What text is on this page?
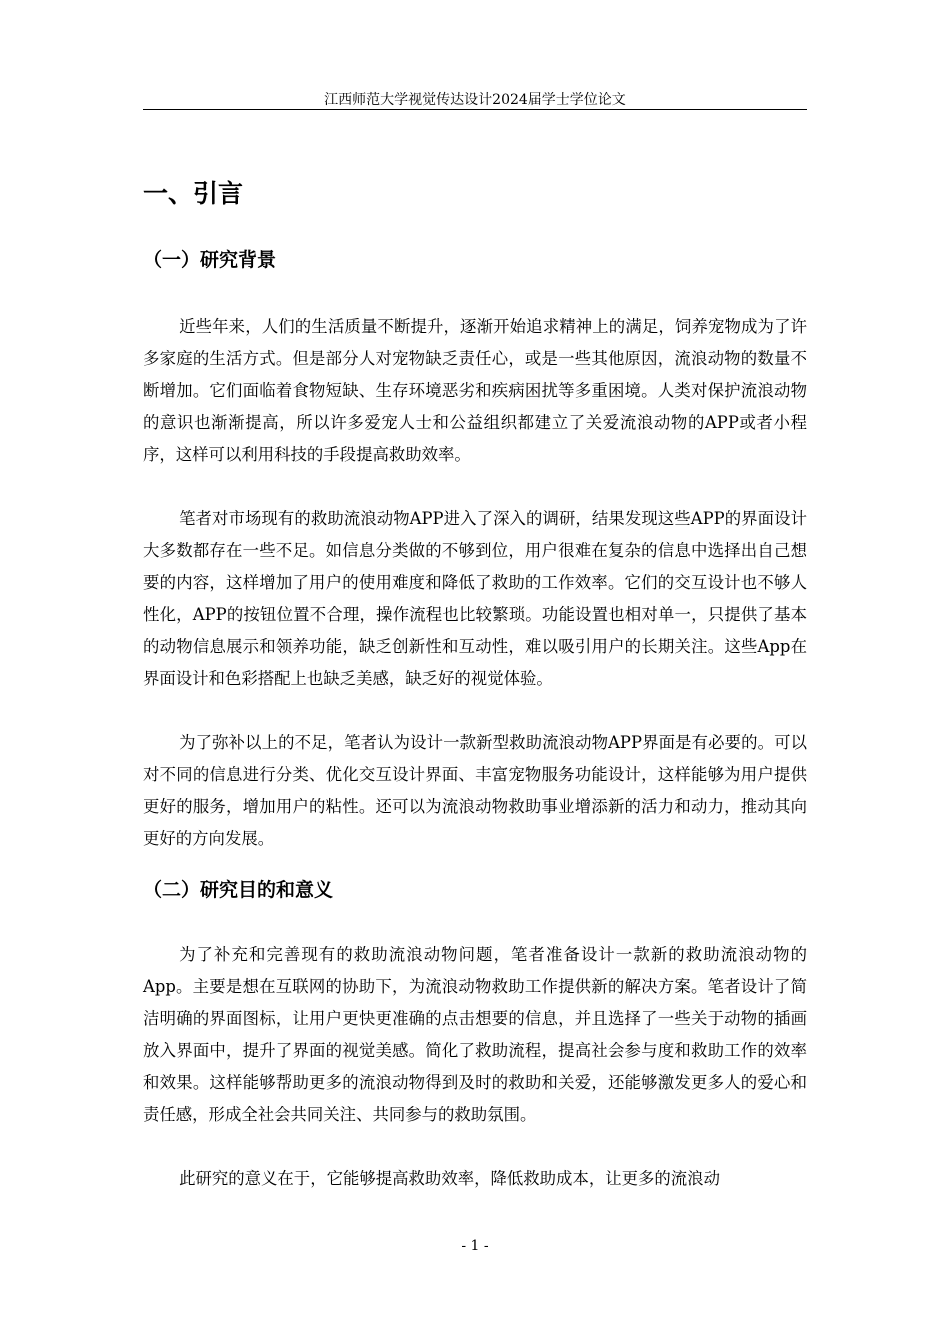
江西师范大学视觉传达设计2024届学士学位论文
一、引言
（一）研究背景

近些年来，人们的生活质量不断提升，逐渐开始追求精神上的满足，饲养宠物成为了许多家庭的生活方式。但是部分人对宠物缺乏责任心，或是一些其他原因，流浪动物的数量不断增加。它们面临着食物短缺、生存环境恶劣和疾病困扰等多重困境。人类对保护流浪动物的意识也渐渐提高，所以许多爱宠人士和公益组织都建立了关爱流浪动物的APP或者小程序，这样可以利用科技的手段提高救助效率。

笔者对市场现有的救助流浪动物APP进入了深入的调研，结果发现这些APP的界面设计大多数都存在一些不足。如信息分类做的不够到位，用户很难在复杂的信息中选择出自己想要的内容，这样增加了用户的使用难度和降低了救助的工作效率。它们的交互设计也不够人性化，APP的按钮位置不合理，操作流程也比较繁琐。功能设置也相对单一，只提供了基本的动物信息展示和领养功能，缺乏创新性和互动性，难以吸引用户的长期关注。这些App在界面设计和色彩搭配上也缺乏美感，缺乏好的视觉体验。

为了弥补以上的不足，笔者认为设计一款新型救助流浪动物APP界面是有必要的。可以对不同的信息进行分类、优化交互设计界面、丰富宠物服务功能设计，这样能够为用户提供更好的服务，增加用户的粘性。还可以为流浪动物救助事业增添新的活力和动力，推动其向更好的方向发展。

（二）研究目的和意义

为了补充和完善现有的救助流浪动物问题，笔者准备设计一款新的救助流浪动物的App。主要是想在互联网的协助下，为流浪动物救助工作提供新的解决方案。笔者设计了简洁明确的界面图标，让用户更快更准确的点击想要的信息，并且选择了一些关于动物的插画放入界面中，提升了界面的视觉美感。简化了救助流程，提高社会参与度和救助工作的效率和效果。这样能够帮助更多的流浪动物得到及时的救助和关爱，还能够激发更多人的爱心和责任感，形成全社会共同关注、共同参与的救助氛围。

此研究的意义在于，它能够提高救助效率，降低救助成本，让更多的流浪动

- 1 -
